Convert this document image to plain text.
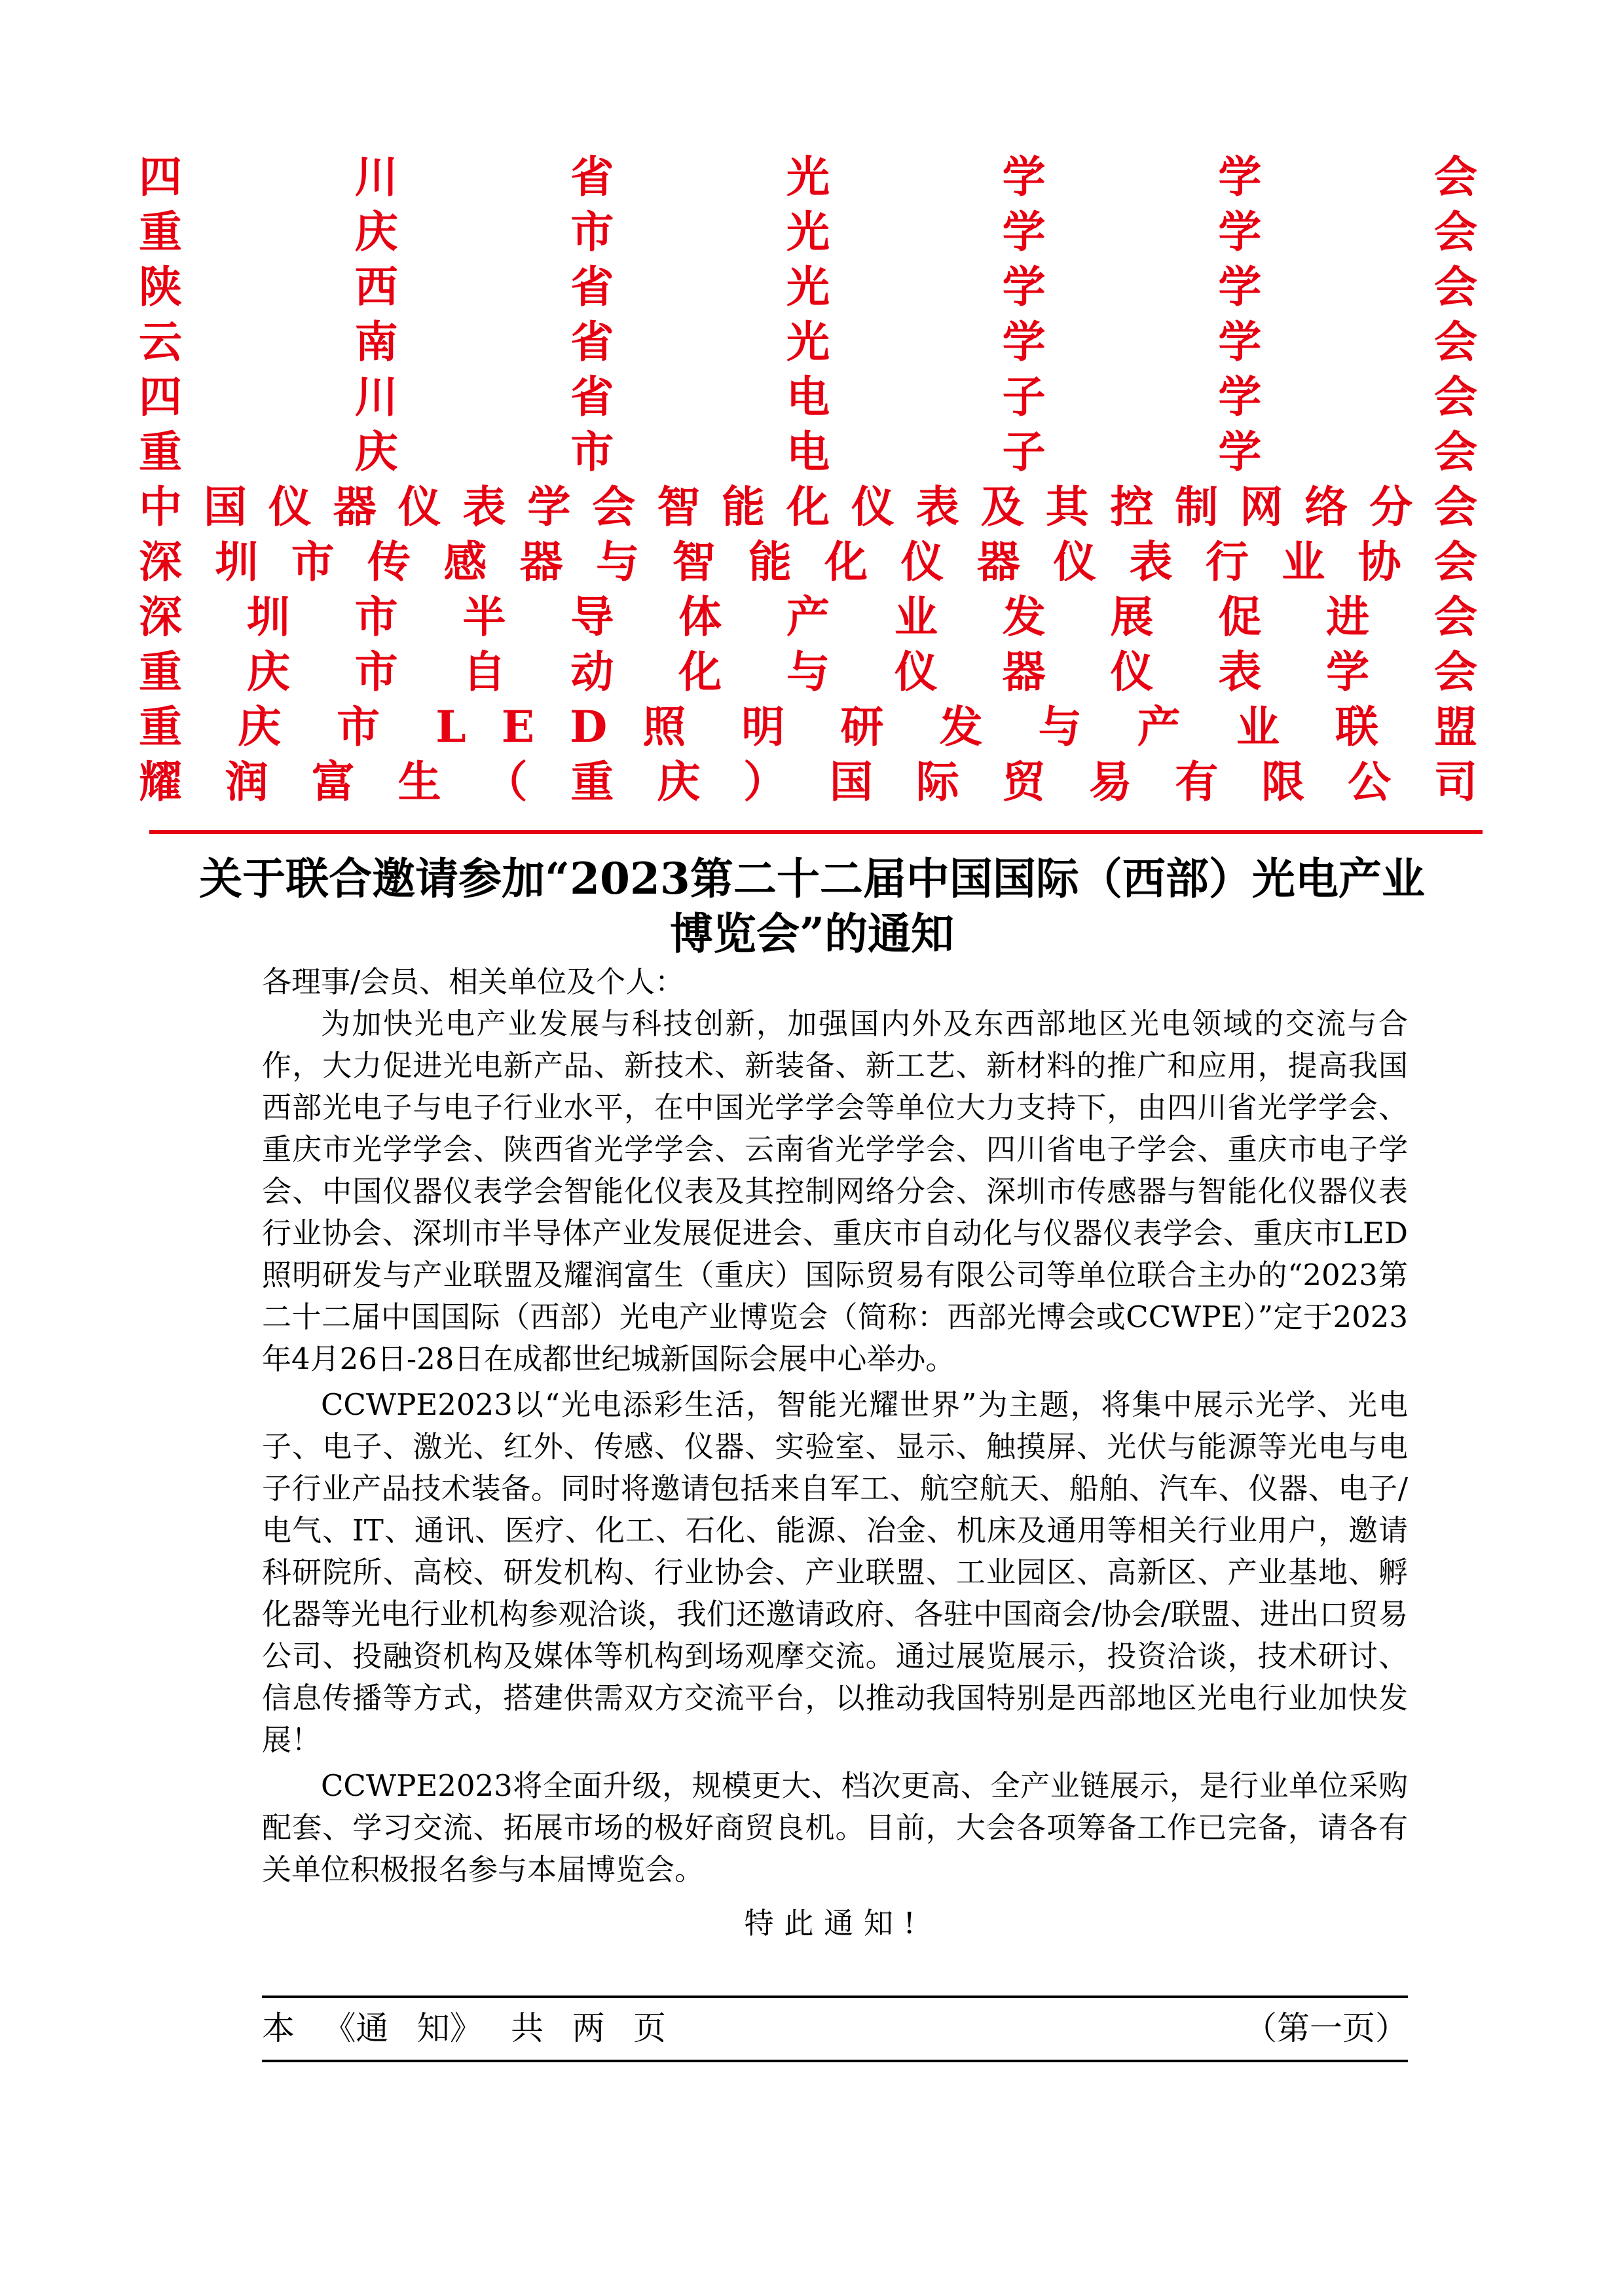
四 川 省 光 学 学 会
重 庆 市 光 学 学 会
陕 西 省 光 学 学 会
云 南 省 光 学 学 会
四 川 省 电 子 学 会
重 庆 市 电 子 学 会
中 国 仪 器 仪 表 学 会 智 能 化 仪 表 及 其 控 制 网 络 分 会
深 圳 市 传 感 器 与 智 能 化 仪 器 仪 表 行 业 协 会
深 圳 市 半 导 体 产 业 发 展 促 进 会
重 庆 市 自 动 化 与 仪 器 仪 表 学 会
重 庆 市 L E D 照 明 研 发 与 产 业 联 盟
耀 润 富 生 （ 重 庆 ） 国 际 贸 易 有 限 公 司
关于联合邀请参加“2023第二十二届中国国际（西部）光电产业博览会”的通知

各理事/会员、相关单位及个人：

为加快光电产业发展与科技创新，加强国内外及东西部地区光电领域的交流与合作，大力促进光电新产品、新技术、新装备、新工艺、新材料的推广和应用，提高我国西部光电子与电子行业水平，在中国光学学会等单位大力支持下，由四川省光学学会、重庆市光学学会、陕西省光学学会、云南省光学学会、四川省电子学会、重庆市电子学会、中国仪器仪表学会智能化仪表及其控制网络分会、深圳市传感器与智能化仪器仪表行业协会、深圳市半导体产业发展促进会、重庆市自动化与仪器仪表学会、重庆市LED照明研发与产业联盟及耀润富生（重庆）国际贸易有限公司等单位联合主办的“2023第二十二届中国国际（西部）光电产业博览会（简称：西部光博会或CCWPE）”定于2023年4月26日-28日在成都世纪城新国际会展中心举办。

CCWPE2023以“光电添彩生活，智能光耀世界”为主题，将集中展示光学、光电子、电子、激光、红外、传感、仪器、实验室、显示、触摸屏、光伏与能源等光电与电子行业产品技术装备。同时将邀请包括来自军工、航空航天、船舶、汽车、仪器、电子/电气、IT、通讯、医疗、化工、石化、能源、冶金、机床及通用等相关行业用户，邀请科研院所、高校、研发机构、行业协会、产业联盟、工业园区、高新区、产业基地、孵化器等光电行业机构参观洽谈，我们还邀请政府、各驻中国商会/协会/联盟、进出口贸易公司、投融资机构及媒体等机构到场观摩交流。通过展览展示，投资洽谈，技术研讨、信息传播等方式，搭建供需双方交流平台，以推动我国特别是西部地区光电行业加快发展！

CCWPE2023将全面升级，规模更大、档次更高、全产业链展示，是行业单位采购配套、学习交流、拓展市场的极好商贸良机。目前，大会各项筹备工作已完备，请各有关单位积极报名参与本届博览会。

特此通知!

本 《通 知》 共 两 页	（第一页）
